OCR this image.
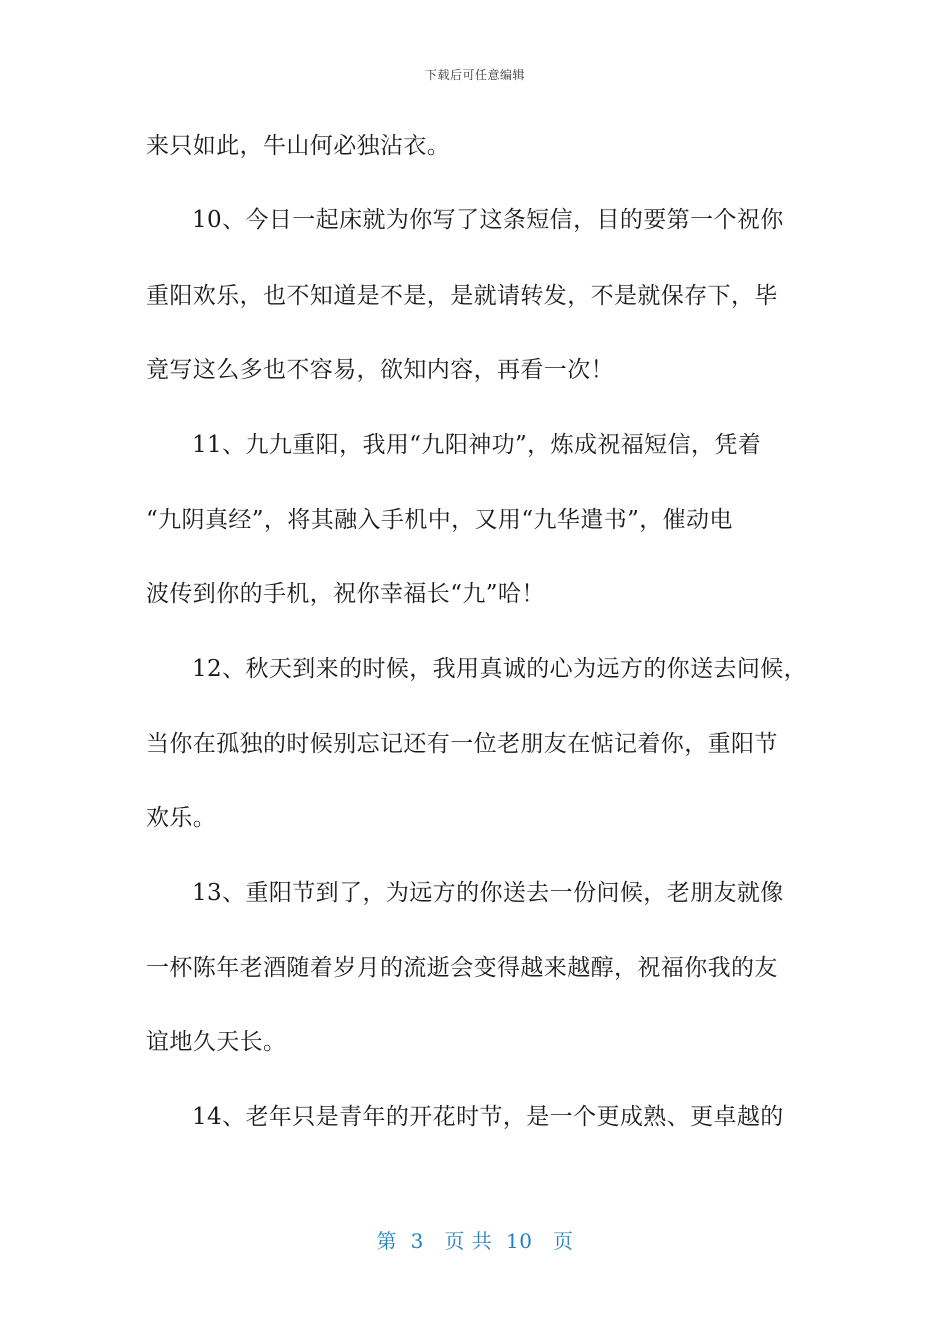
下载后可任意编辑
来只如此，牛山何必独沾衣。
10、今日一起床就为你写了这条短信，目的要第一个祝你
重阳欢乐，也不知道是不是，是就请转发，不是就保存下，毕
竟写这么多也不容易，欲知内容，再看一次！
11、九九重阳，我用“九阳神功”，炼成祝福短信，凭着
“九阴真经”，将其融入手机中，又用“九华遣书”，催动电
波传到你的手机，祝你幸福长“九”哈！
12、秋天到来的时候，我用真诚的心为远方的你送去问候，
当你在孤独的时候别忘记还有一位老朋友在惦记着你，重阳节
欢乐。
13、重阳节到了，为远方的你送去一份问候，老朋友就像
一杯陈年老酒随着岁月的流逝会变得越来越醇，祝福你我的友
谊地久天长。
14、老年只是青年的开花时节，是一个更成熟、更卓越的
第  3   页 共  10   页
